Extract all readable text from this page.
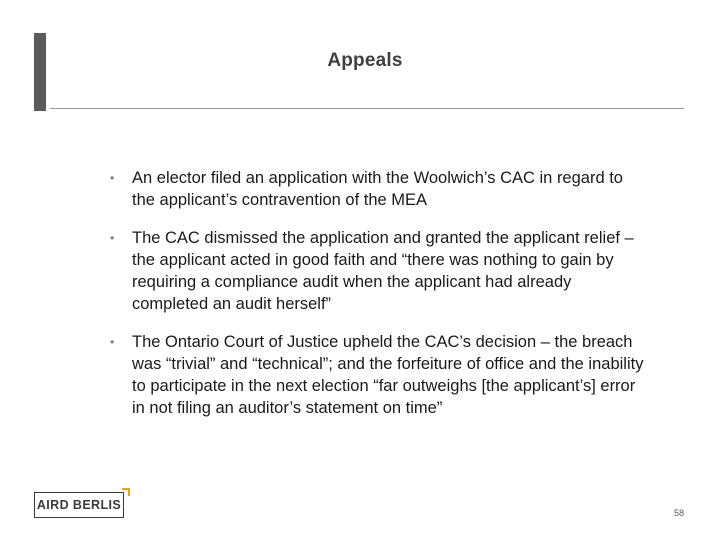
Appeals
• An elector filed an application with the Woolwich’s CAC in regard to the applicant’s contravention of the MEA
• The CAC dismissed the application and granted the applicant relief – the applicant acted in good faith and “there was nothing to gain by requiring a compliance audit when the applicant had already completed an audit herself”
• The Ontario Court of Justice upheld the CAC’s decision – the breach was “trivial” and “technical”; and the forfeiture of office and the inability to participate in the next election “far outweighs [the applicant’s] error in not filing an auditor’s statement on time”
AIRD BERLIS
58
